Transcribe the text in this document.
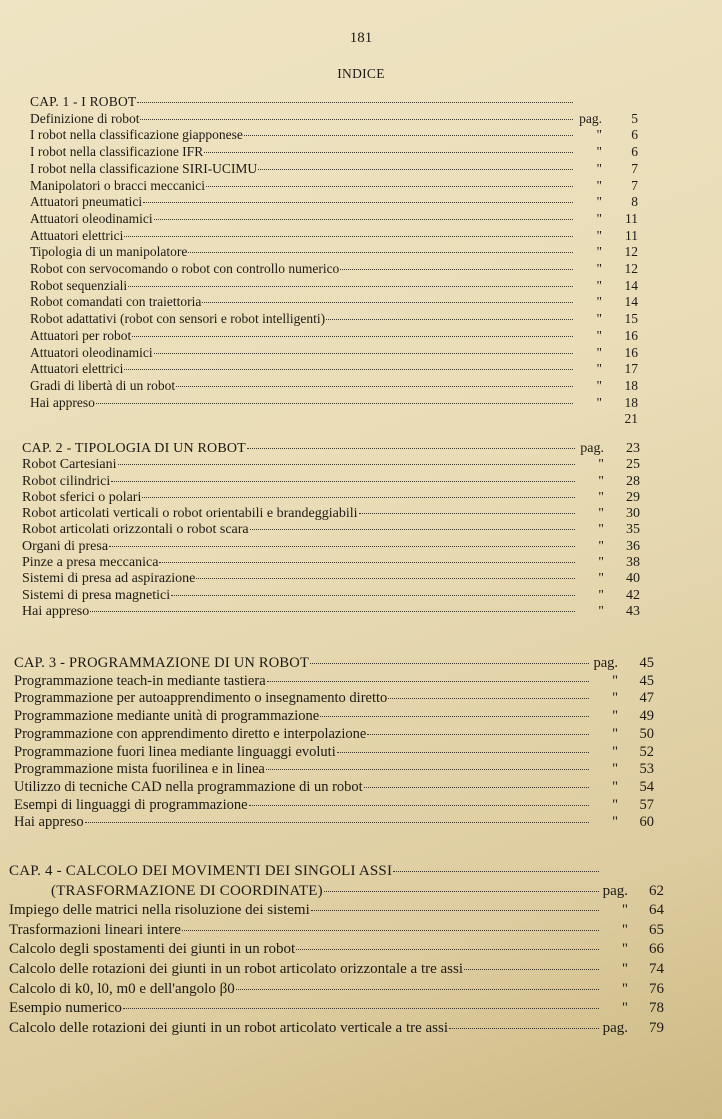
181
INDICE
CAP. 1 - I ROBOT
Definizione di robot	pag.	5
I robot nella classificazione giapponese	"	6
I robot nella classificazione IFR	"	6
I robot nella classificazione SIRI-UCIMU	"	7
Manipolatori o bracci meccanici	"	7
Attuatori pneumatici	"	8
Attuatori oleodinamici	"	11
Attuatori elettrici	"	11
Tipologia di un manipolatore	"	12
Robot con servocomando o robot con controllo numerico	"	12
Robot sequenziali	"	14
Robot comandati con traiettoria	"	14
Robot adattativi (robot con sensori e robot intelligenti)	"	15
Attuatori per robot	"	16
Attuatori oleodinamici	"	16
Attuatori elettrici	"	17
Gradi di libertà di un robot	"	18
Hai appreso	"	18
21
CAP. 2 - TIPOLOGIA DI UN ROBOT	pag.	23
Robot Cartesiani	"	25
Robot cilindrici	"	28
Robot sferici o polari	"	29
Robot articolati verticali o robot orientabili e brandeggiabili	"	30
Robot articolati orizzontali o robot scara	"	35
Organi di presa	"	36
Pinze a presa meccanica	"	38
Sistemi di presa ad aspirazione	"	40
Sistemi di presa magnetici	"	42
Hai appreso	"	43
CAP. 3 - PROGRAMMAZIONE DI UN ROBOT	pag.	45
Programmazione teach-in mediante tastiera	"	45
Programmazione per autoapprendimento o insegnamento diretto	"	47
Programmazione mediante unità di programmazione	"	49
Programmazione con apprendimento diretto e interpolazione	"	50
Programmazione fuori linea mediante linguaggi evoluti	"	52
Programmazione mista fuorilinea e in linea	"	53
Utilizzo di tecniche CAD nella programmazione di un robot	"	54
Esempi di linguaggi di programmazione	"	57
Hai appreso	"	60
CAP. 4 - CALCOLO DEI MOVIMENTI DEI SINGOLI ASSI
(TRASFORMAZIONE DI COORDINATE)	pag.	62
Impiego delle matrici nella risoluzione dei sistemi	"	64
Trasformazioni lineari intere	"	65
Calcolo degli spostamenti dei giunti in un robot	"	66
Calcolo delle rotazioni dei giunti in un robot articolato orizzontale a tre assi	"	74
Calcolo di k0, l0, m0 e dell'angolo β0	"	76
Esempio numerico	"	78
Calcolo delle rotazioni dei giunti in un robot articolato verticale a tre assi	pag.	79
